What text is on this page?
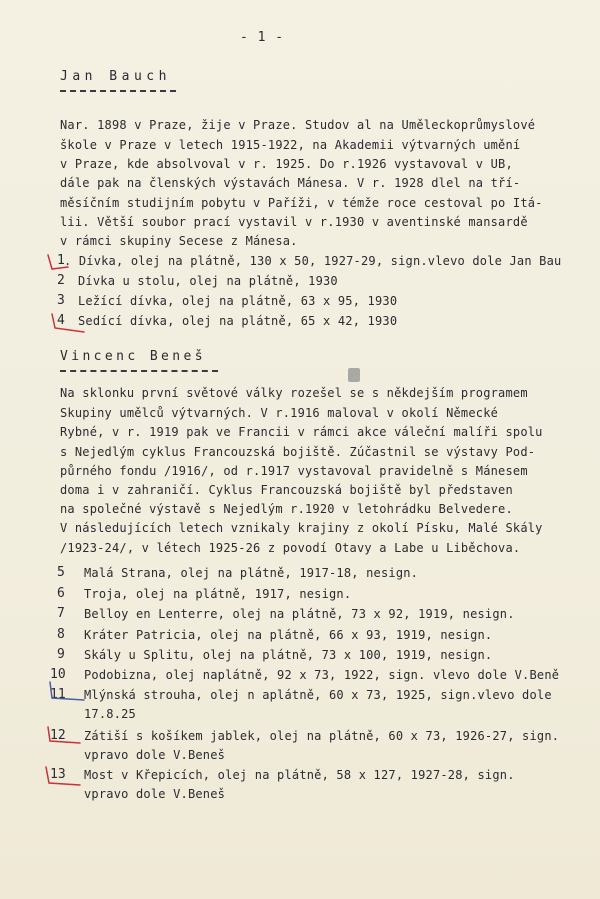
- 1 -
Jan Bauch
Nar. 1898 v Praze, žije v Praze. Studov al na Uměleckoprůmyslové
škole v Praze v letech 1915-1922, na Akademii výtvarných umění
v Praze, kde absolvoval v r. 1925. Do r.1926 vystavoval v UB,
dále pak na členských výstavách Mánesa. V r. 1928 dlel na tří-
měsíčním studijním pobytu v Paříži, v témže roce cestoval po Itá-
lii. Větší soubor prací vystavil v r.1930 v aventinské mansardě
v rámci skupiny Secese z Mánesa.
1 . Dívka, olej na plátně, 130 x 50, 1927-29, sign.vlevo dole Jan Bau
2 Dívka u stolu, olej na plátně, 1930
3 Ležící dívka, olej na plátně, 63 x 95, 1930
4 Sedící dívka, olej na plátně, 65 x 42, 1930
Vincenc Beneš
Na sklonku první světové války rozešel se s někdejším programem
Skupiny umělců výtvarných. V r.1916 maloval v okolí Německé
Rybné, v r. 1919 pak ve Francii v rámci akce váleční malíři spolu
s Nejedlým cyklus Francouzská bojiště. Zúčastnil se výstavy Pod-
půrného fondu /1916/, od r.1917 vystavoval pravidelně s Mánesem
doma i v zahraničí. Cyklus Francouzská bojiště byl představen
na společné výstavě s Nejedlým r.1920 v letohrádku Belvedere.
V následujících letech vznikaly krajiny z okolí Písku, Malé Skály
/1923-24/, v létech 1925-26 z povodí Otavy a Labe u Liběchova.
5 Malá Strana, olej na plátně, 1917-18, nesign.
6 Troja, olej na plátně, 1917, nesign.
7 Belloy en Lenterre, olej na plátně, 73 x 92, 1919, nesign.
8 Kráter Patricia, olej na plátně, 66 x 93, 1919, nesign.
9 Skály u Splitu, olej na plátně, 73 x 100, 1919, nesign.
10 Podobizna, olej naplátně, 92 x 73, 1922, sign. vlevo dole V.Beně
11 Mlýnská strouha, olej n aplátně, 60 x 73, 1925, sign.vlevo dole
17.8.25
12 Zátiší s košíkem jablek, olej na plátně, 60 x 73, 1926-27, sign.
vpravo dole V.Beneš
13 Most v Křepicích, olej na plátně, 58 x 127, 1927-28, sign.
vpravo dole V.Beneš
